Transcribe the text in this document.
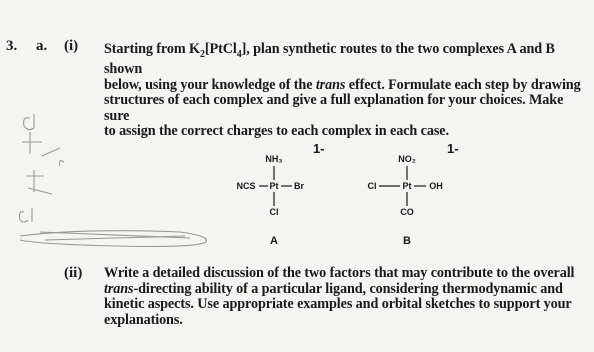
3. a. (i) Starting from $K_2[PtCl_4]$, plan synthetic routes to the two complexes A and B shown
below, using your knowledge of the trans effect. Formulate each step by drawing
structures of each complex and give a full explanation for your choices. Make sure
to assign the correct charges to each complex in each case.
NH₃
NCS Pt Br
Cl
1-
A
NO₂
Cl	Pt OH
CO
1-
B
(ii) Write a detailed discussion of the two factors that may contribute to the overall
trans-directing ability of a particular ligand, considering thermodynamic and
kinetic aspects. Use appropriate examples and orbital sketches to support your
explanations.
